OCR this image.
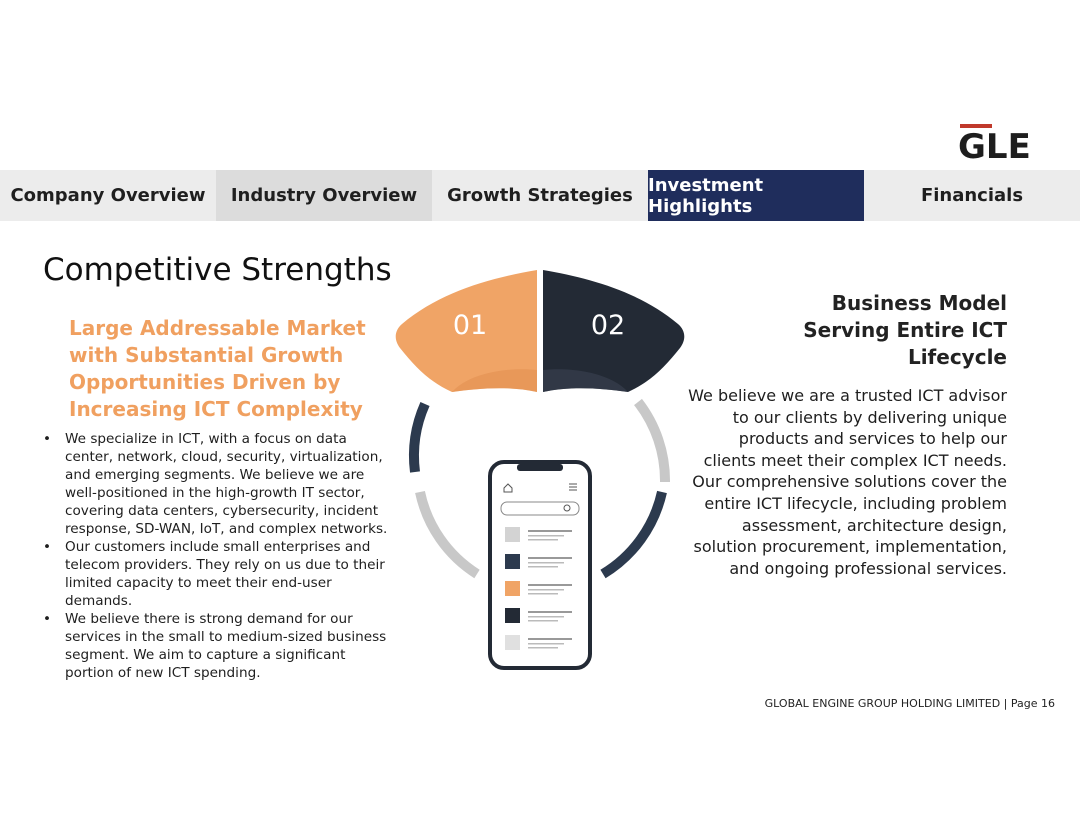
GLE
Company Overview Industry Overview Growth Strategies Investment Highlights	Financials
Competitive Strengths
Large Addressable Market with Substantial Growth Opportunities Driven by Increasing ICT Complexity
• We specialize in ICT, with a focus on data center, network, cloud, security, virtualization, and emerging segments. We believe we are well-positioned in the high-growth IT sector, covering data centers, cybersecurity, incident response, SD-WAN, IoT, and complex networks.
• Our customers include small enterprises and telecom providers. They rely on us due to their limited capacity to meet their end-user demands.
• We believe there is strong demand for our services in the small to medium-sized business segment. We aim to capture a significant portion of new ICT spending.
01	02
Business Model Serving Entire ICT Lifecycle
We believe we are a trusted ICT advisor to our clients by delivering unique products and services to help our clients meet their complex ICT needs. Our comprehensive solutions cover the entire ICT lifecycle, including problem assessment, architecture design, solution procurement, implementation, and ongoing professional services.
GLOBAL ENGINE GROUP HOLDING LIMITED | Page 16
